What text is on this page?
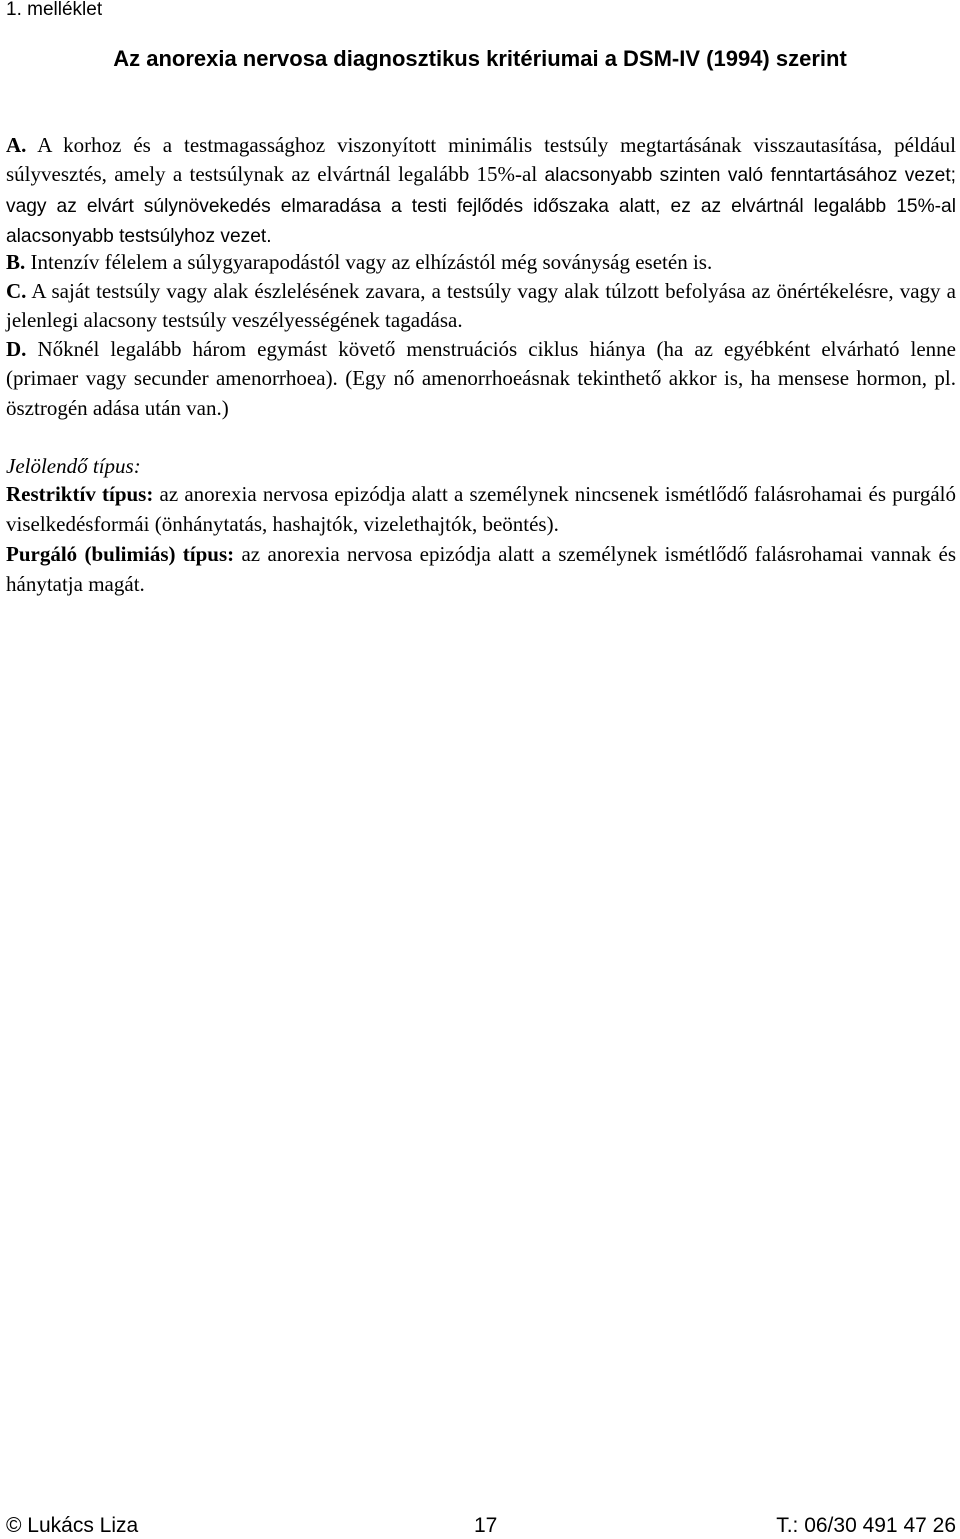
1. melléklet
Az anorexia nervosa diagnosztikus kritériumai a DSM-IV (1994) szerint

A. A korhoz és a testmagassághoz viszonyított minimális testsúly megtartásának visszautasítása, például súlyvesztés, amely a testsúlynak az elvártnál legalább 15%-al alacsonyabb szinten való fenntartásához vezet; vagy az elvárt súlynövekedés elmaradása a testi fejlődés időszaka alatt, ez az elvártnál legalább 15%-al alacsonyabb testsúlyhoz vezet.

B. Intenzív félelem a súlygyarapodástól vagy az elhízástól még soványság esetén is.

C. A saját testsúly vagy alak észlelésének zavara, a testsúly vagy alak túlzott befolyása az önértékelésre, vagy a jelenlegi alacsony testsúly veszélyességének tagadása.

D. Nőknél legalább három egymást követő menstruációs ciklus hiánya (ha az egyébként elvárható lenne (primaer vagy secunder amenorrhoea). (Egy nő amenorrhoeásnak tekinthető akkor is, ha mensese hormon, pl. ösztrogén adása után van.)

Jelölendő típus:

Restriktív típus: az anorexia nervosa epizódja alatt a személynek nincsenek ismétlődő falásrohamai és purgáló viselkedésformái (önhánytatás, hashajtók, vizelethajtók, beöntés).

Purgáló (bulimiás) típus: az anorexia nervosa epizódja alatt a személynek ismétlődő falásrohamai vannak és hánytatja magát.

© Lukács Liza	17	T.: 06/30 491 47 26
